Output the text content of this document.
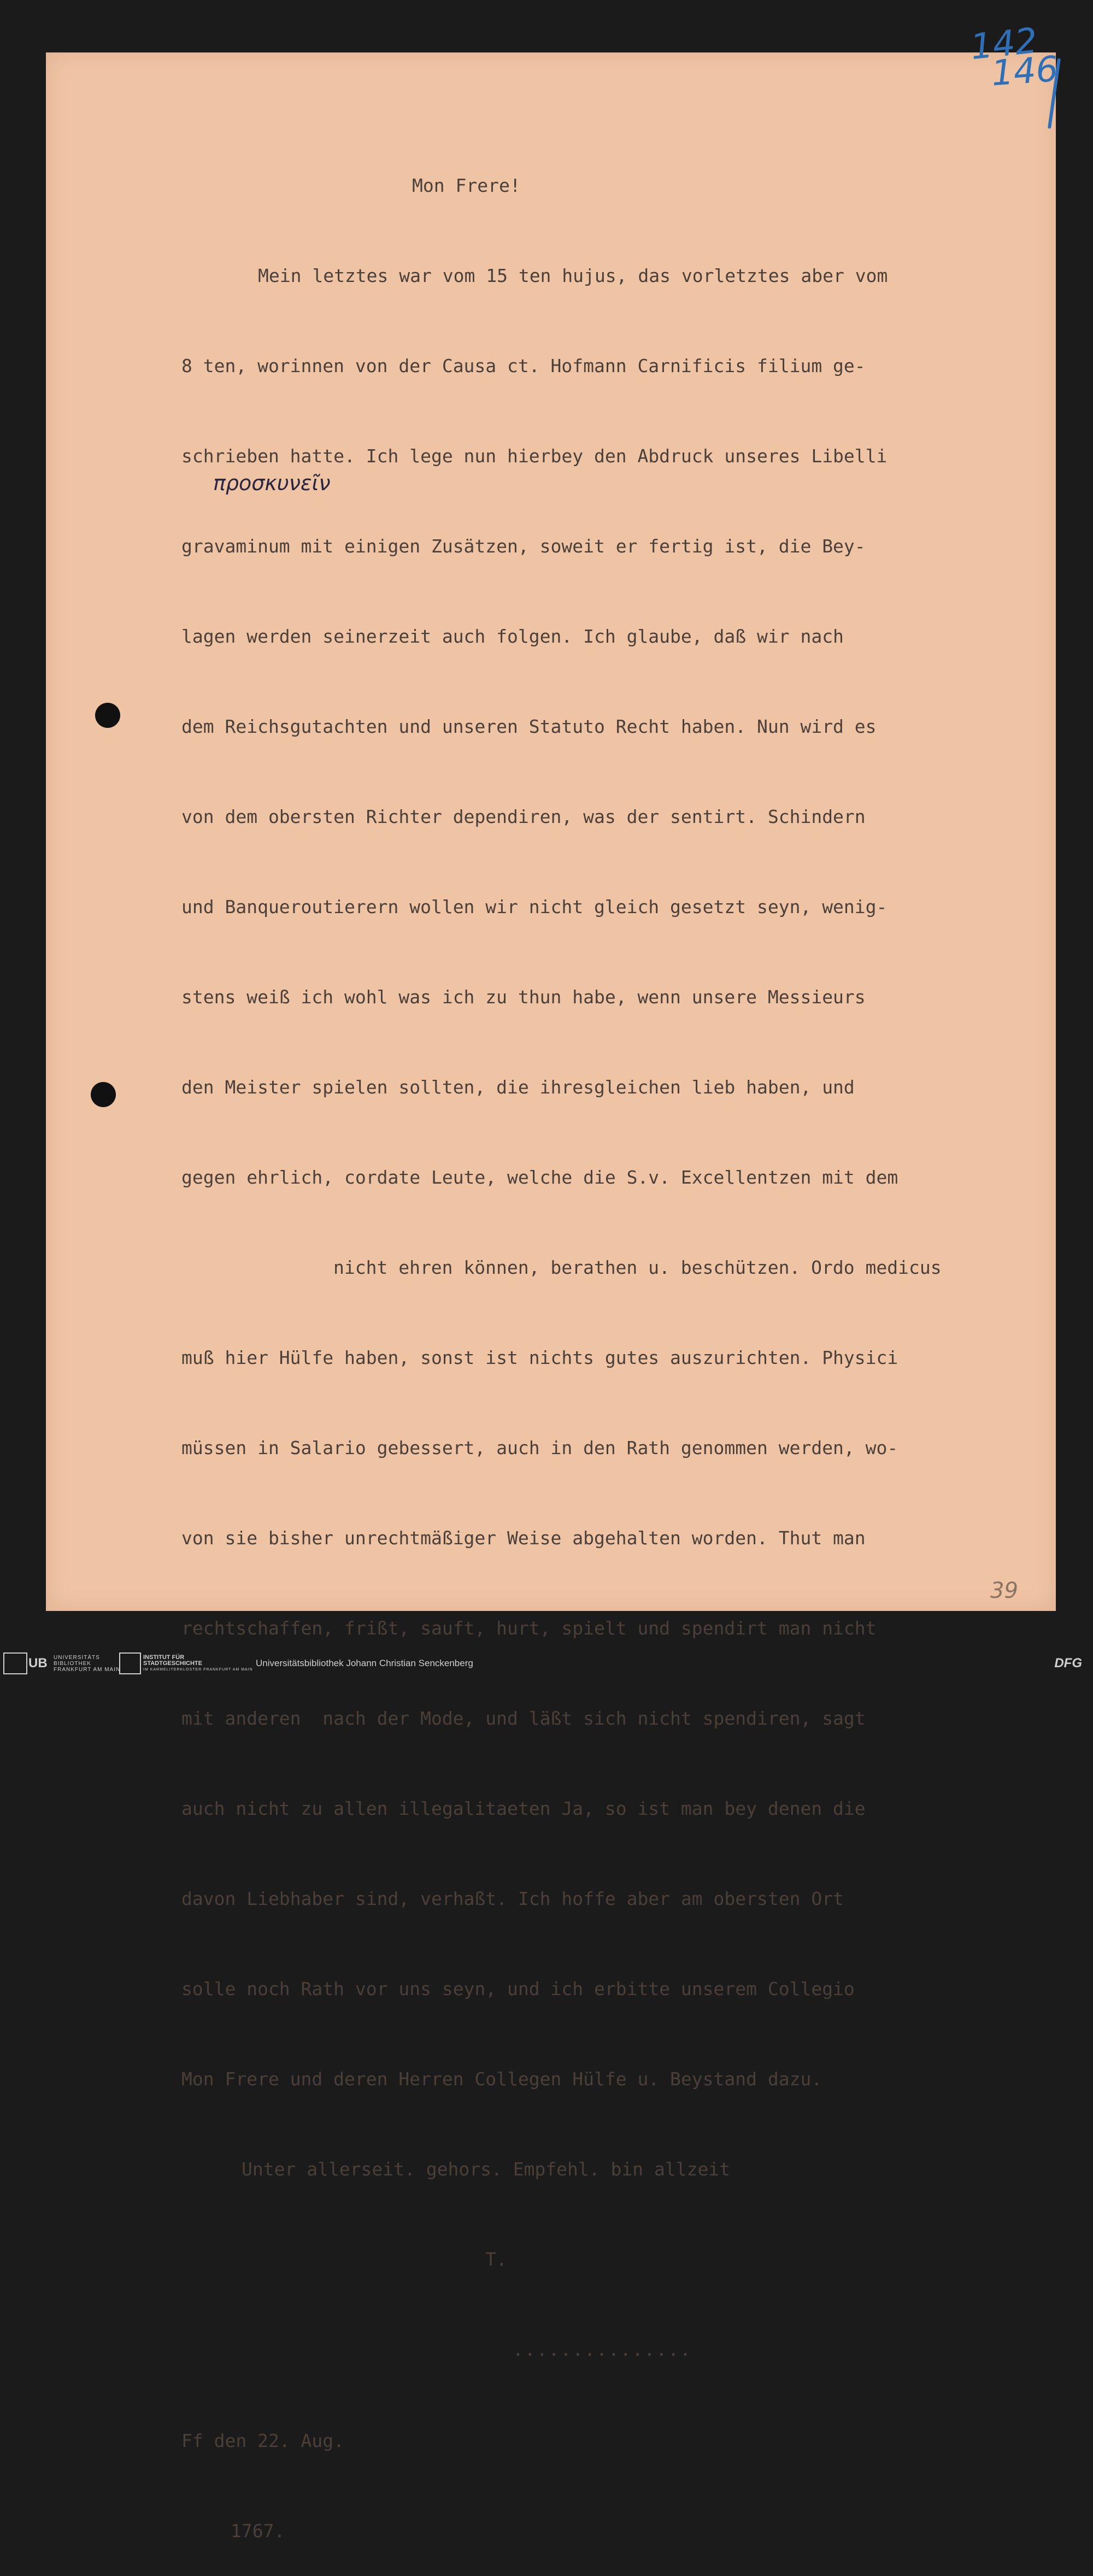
142
146

Mon Frere!

Mein letztes war vom 15 ten hujus, das vorletztes aber vom

8 ten, worinnen von der Causa ct. Hofmann Carnificis filium ge-

schrieben hatte. Ich lege nun hierbey den Abdruck unseres Libelli

gravaminum mit einigen Zusätzen, soweit er fertig ist, die Bey-

lagen werden seinerzeit auch folgen. Ich glaube, daß wir nach

dem Reichsgutachten und unseren Statuto Recht haben. Nun wird es

von dem obersten Richter dependiren, was der sentirt. Schindern

und Banqueroutierern wollen wir nicht gleich gesetzt seyn, wenig-

stens weiß ich wohl was ich zu thun habe, wenn unsere Messieurs

den Meister spielen sollten, die ihresgleichen lieb haben, und

gegen ehrlich, cordate Leute, welche die S.v. Excellentzen mit dem

nicht ehren können, berathen u. beschützen. Ordo medicus

muß hier Hülfe haben, sonst ist nichts gutes auszurichten. Physici

müssen in Salario gebessert, auch in den Rath genommen werden, wo-

von sie bisher unrechtmäßiger Weise abgehalten worden. Thut man

rechtschaffen, frißt, sauft, hurt, spielt und spendirt man nicht

mit anderen  nach der Mode, und läßt sich nicht spendiren, sagt

auch nicht zu allen illegalitaeten Ja, so ist man bey denen die

davon Liebhaber sind, verhaßt. Ich hoffe aber am obersten Ort

solle noch Rath vor uns seyn, und ich erbitte unserem Collegio

Mon Frere und deren Herren Collegen Hülfe u. Beystand dazu.

Unter allerseit. gehors. Empfehl. bin allzeit

T.

...............

Ff den 22. Aug.

1767.

προσκυνεῖν
39
UB UNIVERSITÄTS
BIBLIOTHEK
FRANKFURT AM MAIN
INSTITUT FÜR
STADTGESCHICHTE
IM KARMELITERKLOSTER FRANKFURT AM MAIN
Universitätsbibliothek Johann Christian Senckenberg	DFG
